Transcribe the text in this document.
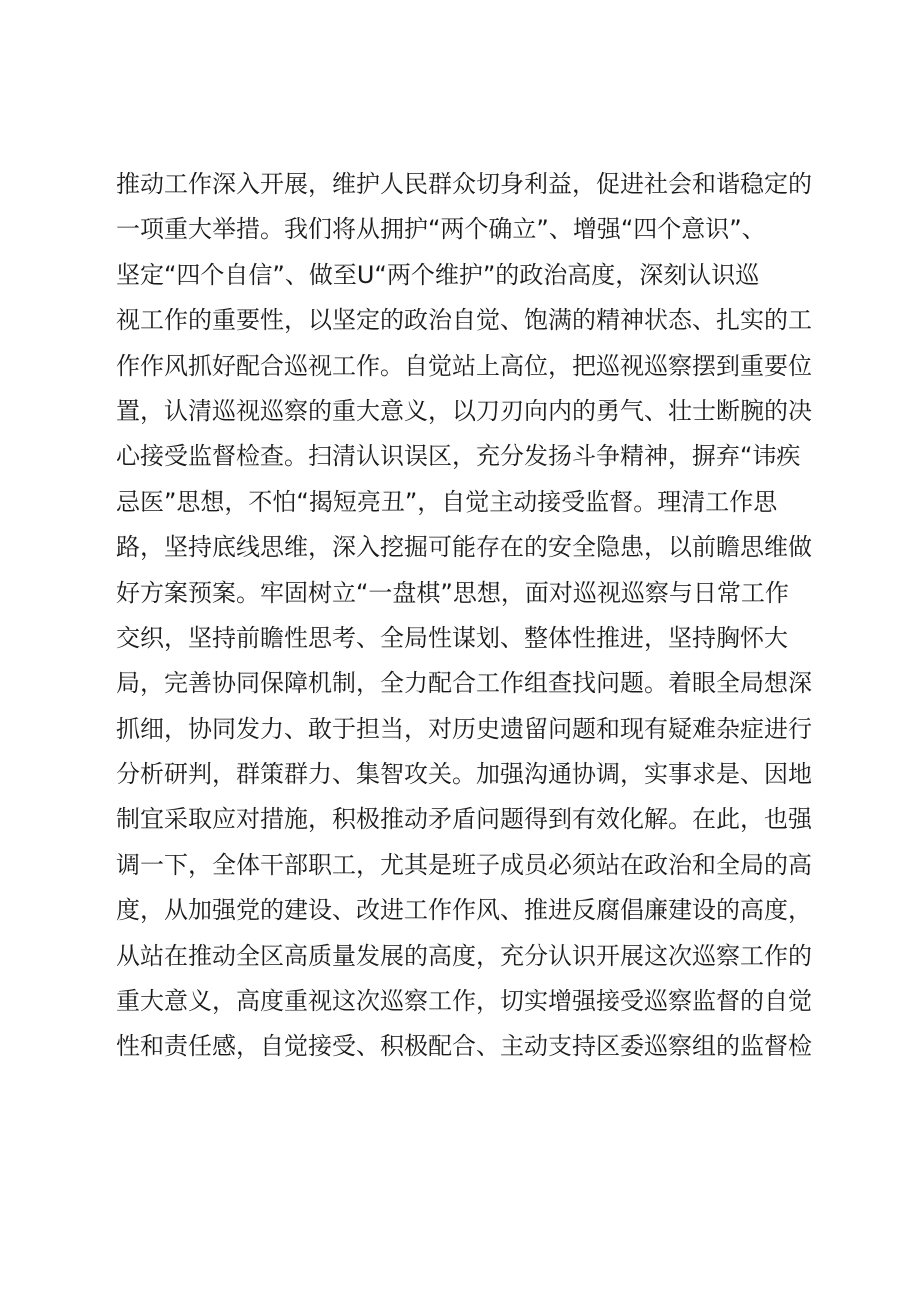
推动工作深入开展，维护人民群众切身利益，促进社会和谐稳定的
一项重大举措。我们将从拥护“两个确立”、增强“四个意识”、
坚定“四个自信”、做至U“两个维护”的政治高度，深刻认识巡
视工作的重要性，以坚定的政治自觉、饱满的精神状态、扎实的工
作作风抓好配合巡视工作。自觉站上高位，把巡视巡察摆到重要位
置，认清巡视巡察的重大意义，以刀刃向内的勇气、壮士断腕的决
心接受监督检查。扫清认识误区，充分发扬斗争精神，摒弃“讳疾
忌医”思想，不怕“揭短亮丑”，自觉主动接受监督。理清工作思
路，坚持底线思维，深入挖掘可能存在的安全隐患，以前瞻思维做
好方案预案。牢固树立“一盘棋”思想，面对巡视巡察与日常工作
交织，坚持前瞻性思考、全局性谋划、整体性推进，坚持胸怀大
局，完善协同保障机制，全力配合工作组查找问题。着眼全局想深
抓细，协同发力、敢于担当，对历史遗留问题和现有疑难杂症进行
分析研判，群策群力、集智攻关。加强沟通协调，实事求是、因地
制宜采取应对措施，积极推动矛盾问题得到有效化解。在此，也强
调一下，全体干部职工，尤其是班子成员必须站在政治和全局的高
度，从加强党的建设、改进工作作风、推进反腐倡廉建设的高度，
从站在推动全区高质量发展的高度，充分认识开展这次巡察工作的
重大意义，高度重视这次巡察工作，切实增强接受巡察监督的自觉
性和责任感，自觉接受、积极配合、主动支持区委巡察组的监督检
